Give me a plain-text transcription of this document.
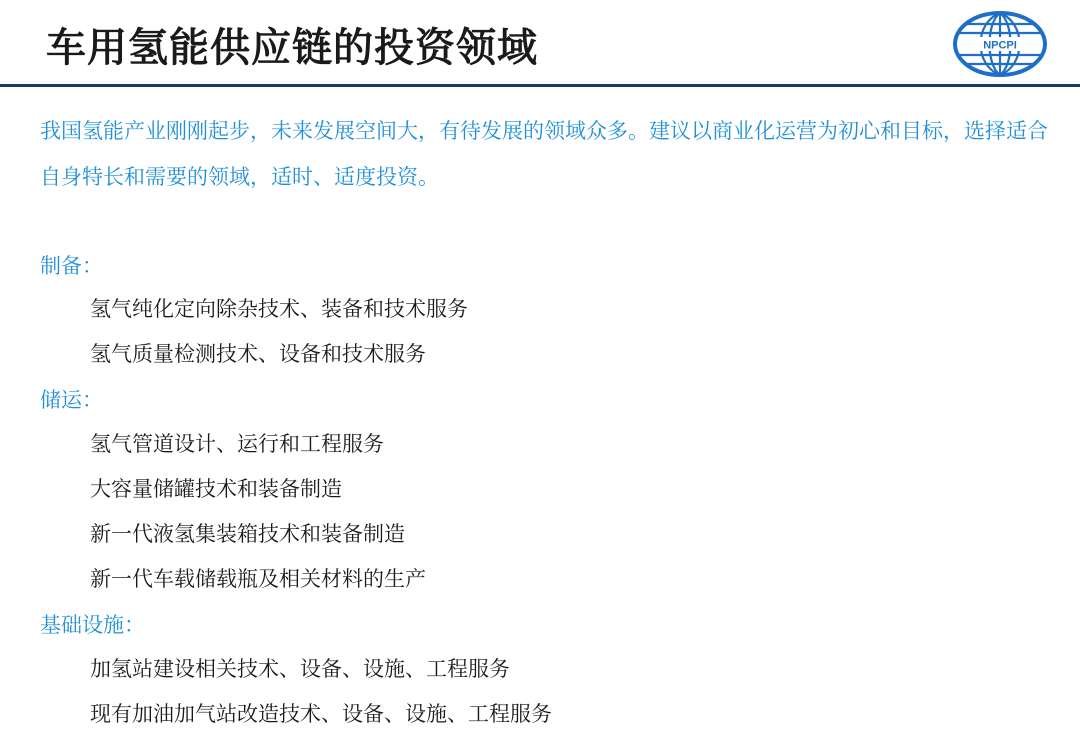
车用氢能供应链的投资领域	NPCPI
我国氢能产业刚刚起步，未来发展空间大，有待发展的领域众多。建议以商业化运营为初心和目标，选择适合自身特长和需要的领域，适时、适度投资。
制备：
氢气纯化定向除杂技术、装备和技术服务
氢气质量检测技术、设备和技术服务
储运：
氢气管道设计、运行和工程服务
大容量储罐技术和装备制造
新一代液氢集装箱技术和装备制造
新一代车载储载瓶及相关材料的生产
基础设施：
加氢站建设相关技术、设备、设施、工程服务
现有加油加气站改造技术、设备、设施、工程服务
